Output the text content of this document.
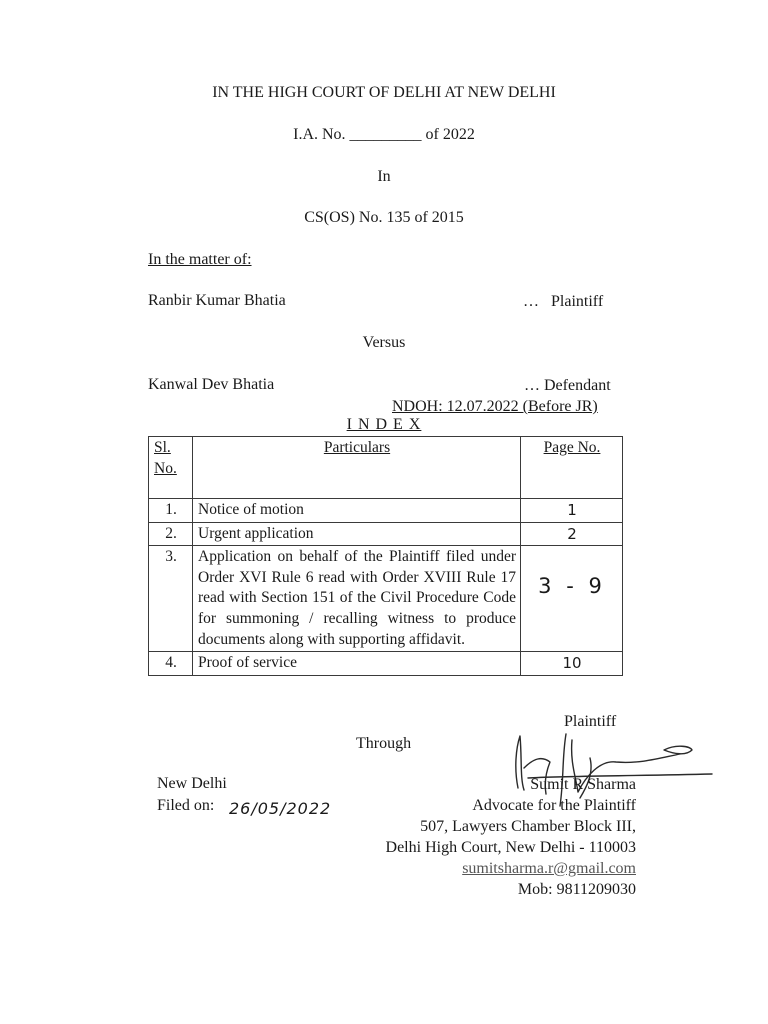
IN THE HIGH COURT OF DELHI AT NEW DELHI
I.A. No. _________ of 2022
In
CS(OS) No. 135 of 2015
In the matter of:
Ranbir Kumar Bhatia	…   Plaintiff
Versus
Kanwal Dev Bhatia	… Defendant
NDOH: 12.07.2022 (Before JR)
I N D E X
Sl. No.	Particulars	Page No.
1.	Notice of motion	1
2.	Urgent application	2
3.	Application on behalf of the Plaintiff filed under Order XVI Rule 6 read with Order XVIII Rule 17 read with Section 151 of the Civil Procedure Code for summoning / recalling witness to produce documents along with supporting affidavit.	3 - 9
4.	Proof of service	10
Plaintiff
Through
New Delhi
Filed on: 26/05/2022
Sumit R Sharma
Advocate for the Plaintiff
507, Lawyers Chamber Block III,
Delhi High Court, New Delhi - 110003
sumitsharma.r@gmail.com
Mob: 9811209030
